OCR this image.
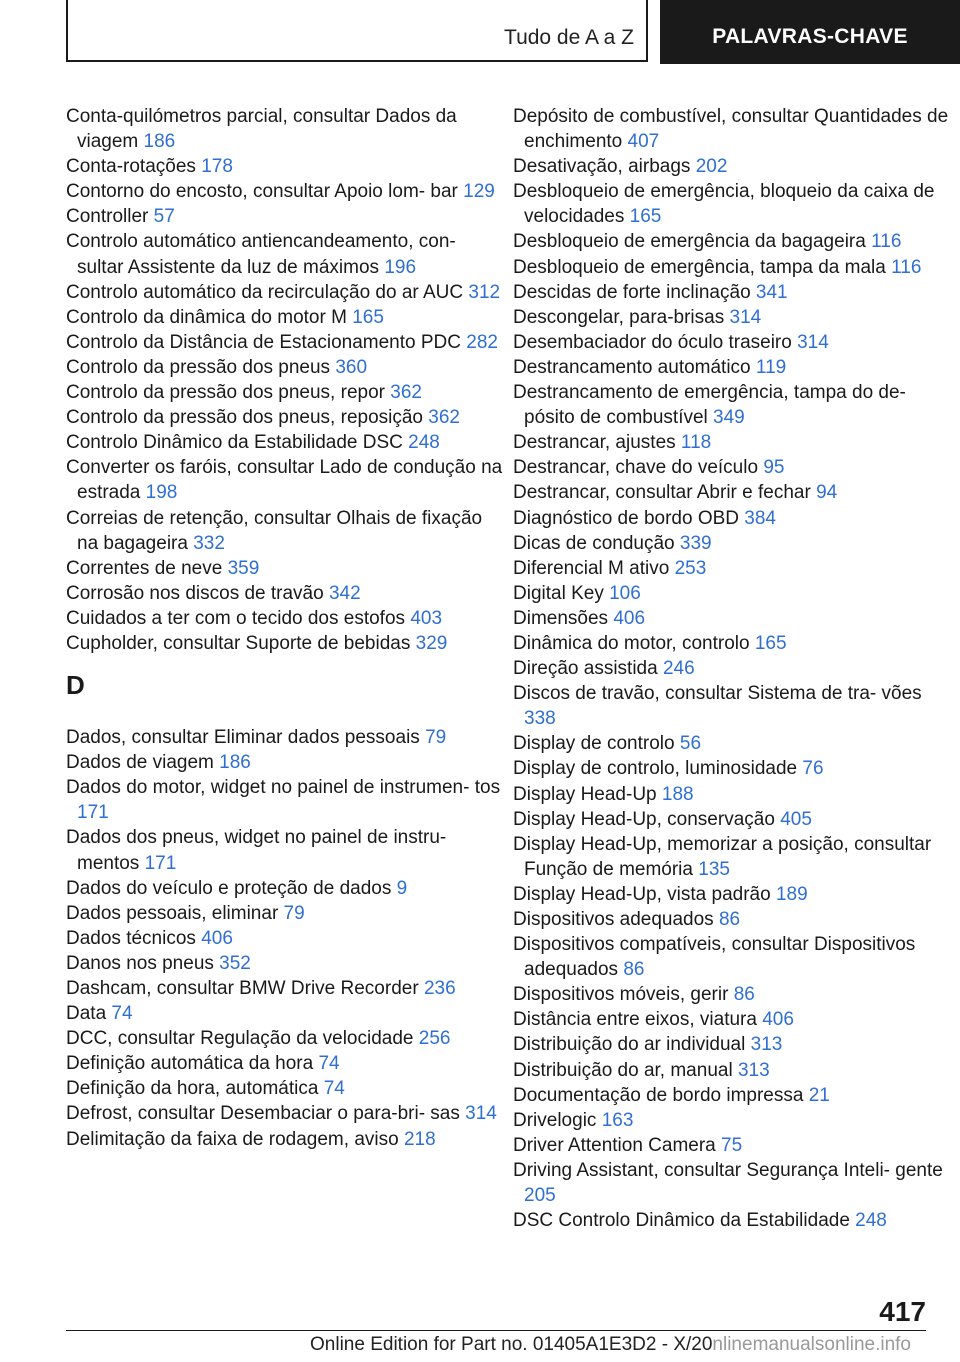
Tudo de A a Z	PALAVRAS-CHAVE
Conta-quilómetros parcial, consultar Dados da viagem 186
Conta-rotações 178
Contorno do encosto, consultar Apoio lom- bar 129
Controller 57
Controlo automático antiencandeamento, con- sultar Assistente da luz de máximos 196
Controlo automático da recirculação do ar AUC 312
Controlo da dinâmica do motor M 165
Controlo da Distância de Estacionamento PDC 282
Controlo da pressão dos pneus 360
Controlo da pressão dos pneus, repor 362
Controlo da pressão dos pneus, reposição 362
Controlo Dinâmico da Estabilidade DSC 248
Converter os faróis, consultar Lado de condução na estrada 198
Correias de retenção, consultar Olhais de fixação na bagageira 332
Correntes de neve 359
Corrosão nos discos de travão 342
Cuidados a ter com o tecido dos estofos 403
Cupholder, consultar Suporte de bebidas 329
D
Dados, consultar Eliminar dados pessoais 79
Dados de viagem 186
Dados do motor, widget no painel de instrumen- tos 171
Dados dos pneus, widget no painel de instru- mentos 171
Dados do veículo e proteção de dados 9
Dados pessoais, eliminar 79
Dados técnicos 406
Danos nos pneus 352
Dashcam, consultar BMW Drive Recorder 236
Data 74
DCC, consultar Regulação da velocidade 256
Definição automática da hora 74
Definição da hora, automática 74
Defrost, consultar Desembaciar o para-bri- sas 314
Delimitação da faixa de rodagem, aviso 218
Depósito de combustível, consultar Quantidades de enchimento 407
Desativação, airbags 202
Desbloqueio de emergência, bloqueio da caixa de velocidades 165
Desbloqueio de emergência da bagageira 116
Desbloqueio de emergência, tampa da mala 116
Descidas de forte inclinação 341
Descongelar, para-brisas 314
Desembaciador do óculo traseiro 314
Destrancamento automático 119
Destrancamento de emergência, tampa do de- pósito de combustível 349
Destrancar, ajustes 118
Destrancar, chave do veículo 95
Destrancar, consultar Abrir e fechar 94
Diagnóstico de bordo OBD 384
Dicas de condução 339
Diferencial M ativo 253
Digital Key 106
Dimensões 406
Dinâmica do motor, controlo 165
Direção assistida 246
Discos de travão, consultar Sistema de tra- vões 338
Display de controlo 56
Display de controlo, luminosidade 76
Display Head-Up 188
Display Head-Up, conservação 405
Display Head-Up, memorizar a posição, consultar Função de memória 135
Display Head-Up, vista padrão 189
Dispositivos adequados 86
Dispositivos compatíveis, consultar Dispositivos adequados 86
Dispositivos móveis, gerir 86
Distância entre eixos, viatura 406
Distribuição do ar individual 313
Distribuição do ar, manual 313
Documentação de bordo impressa 21
Drivelogic 163
Driver Attention Camera 75
Driving Assistant, consultar Segurança Inteli- gente 205
DSC Controlo Dinâmico da Estabilidade 248
417
Online Edition for Part no. 01405A1E3D2 - X/20nlinemanualsonline.info
